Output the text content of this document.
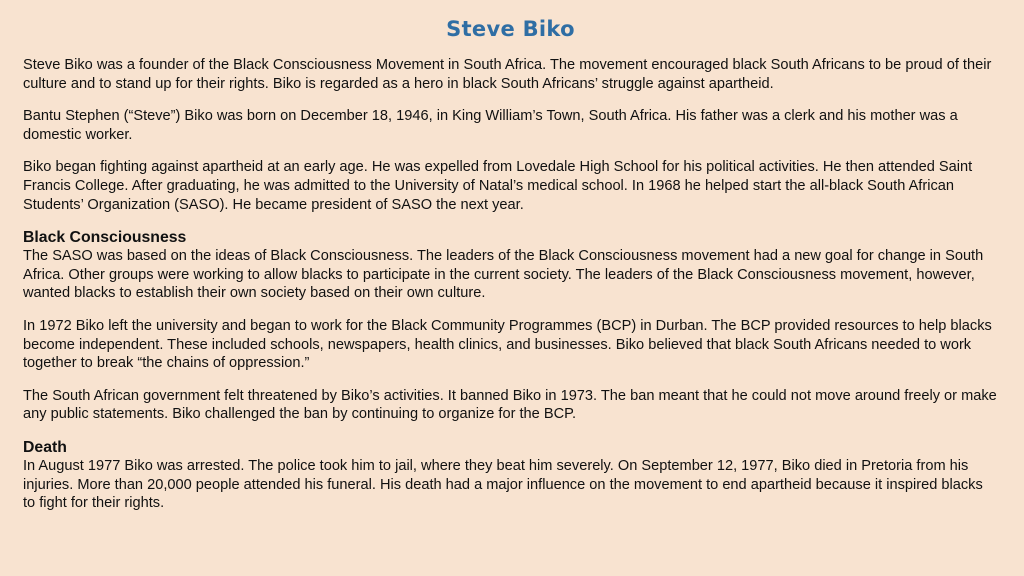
Steve Biko

Steve Biko was a founder of the Black Consciousness Movement in South Africa. The movement encouraged black South Africans to be proud of their culture and to stand up for their rights. Biko is regarded as a hero in black South Africans’ struggle against apartheid.

Bantu Stephen (“Steve”) Biko was born on December 18, 1946, in King William’s Town, South Africa. His father was a clerk and his mother was a domestic worker.

Biko began fighting against apartheid at an early age. He was expelled from Lovedale High School for his political activities. He then attended Saint Francis College. After graduating, he was admitted to the University of Natal’s medical school. In 1968 he helped start the all-black South African Students’ Organization (SASO). He became president of SASO the next year.

Black Consciousness

The SASO was based on the ideas of Black Consciousness. The leaders of the Black Consciousness movement had a new goal for change in South Africa. Other groups were working to allow blacks to participate in the current society. The leaders of the Black Consciousness movement, however, wanted blacks to establish their own society based on their own culture.

In 1972 Biko left the university and began to work for the Black Community Programmes (BCP) in Durban. The BCP provided resources to help blacks become independent. These included schools, newspapers, health clinics, and businesses. Biko believed that black South Africans needed to work together to break “the chains of oppression.”

The South African government felt threatened by Biko’s activities. It banned Biko in 1973. The ban meant that he could not move around freely or make any public statements. Biko challenged the ban by continuing to organize for the BCP.

Death

In August 1977 Biko was arrested. The police took him to jail, where they beat him severely. On September 12, 1977, Biko died in Pretoria from his injuries. More than 20,000 people attended his funeral. His death had a major influence on the movement to end apartheid because it inspired blacks to fight for their rights.
